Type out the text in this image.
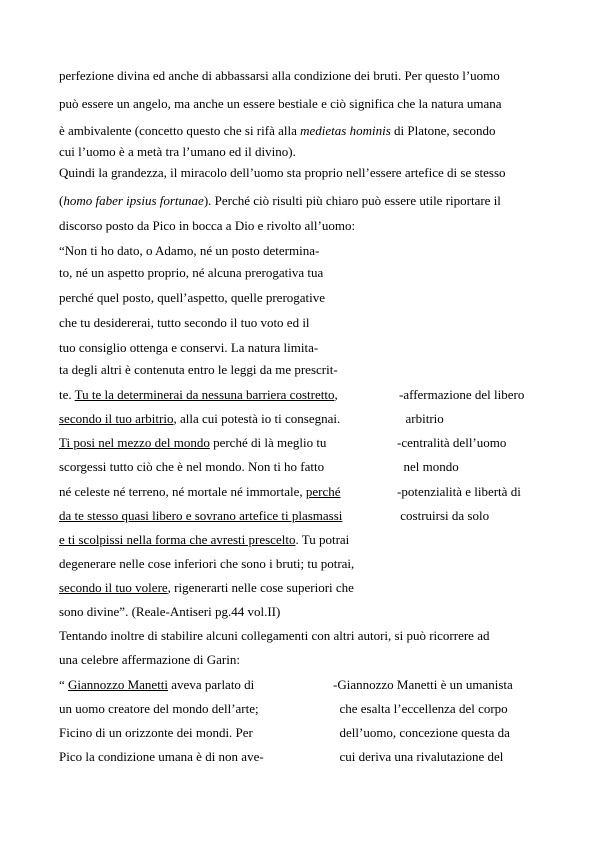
perfezione divina ed anche di abbassarsi alla condizione dei bruti. Per questo l’uomo
può essere un angelo, ma anche un essere bestiale e ciò significa che la natura umana
è ambivalente (concetto questo che si rifà alla medietas hominis di Platone, secondo
cui l’uomo è a metà tra l’umano ed il divino).
Quindi la grandezza, il miracolo dell’uomo sta proprio nell’essere artefice di se stesso
(homo faber ipsius fortunae). Perché ciò risulti più chiaro può essere utile riportare il
discorso posto da Pico in bocca a Dio e rivolto all’uomo:
“Non ti ho dato, o Adamo, né un posto determina-
to, né un aspetto proprio, né alcuna prerogativa tua
perché quel posto, quell’aspetto, quelle prerogative
che tu desidererai, tutto secondo il tuo voto ed il
tuo consiglio ottenga e conservi. La natura limita-
ta degli altri è contenuta entro le leggi da me prescrit-
te. Tu te la determinerai da nessuna barriera costretto,
secondo il tuo arbitrio, alla cui potestà io ti consegnai.
Ti posi nel mezzo del mondo perché di là meglio tu
scorgessi tutto ciò che è nel mondo. Non ti ho fatto
né celeste né terreno, né mortale né immortale, perché
da te stesso quasi libero e sovrano artefice ti plasmassi
e ti scolpissi nella forma che avresti prescelto. Tu potrai
degenerare nelle cose inferiori che sono i bruti; tu potrai,
secondo il tuo volere, rigenerarti nelle cose superiori che
sono divine”. (Reale-Antiseri pg.44 vol.II)
Tentando inoltre di stabilire alcuni collegamenti con altri autori, si può ricorrere ad
una celebre affermazione di Garin:
“ Giannozzo Manetti aveva parlato di
un uomo creatore del mondo dell’arte;
Ficino di un orizzonte dei mondi. Per
Pico la condizione umana è di non ave-
-affermazione del libero
arbitrio
-centralità dell’uomo
nel mondo
-potenzialità e libertà di
costruirsi da solo
-Giannozzo Manetti è un umanista
che esalta l’eccellenza del corpo
dell’uomo, concezione questa da
cui deriva una rivalutazione del
